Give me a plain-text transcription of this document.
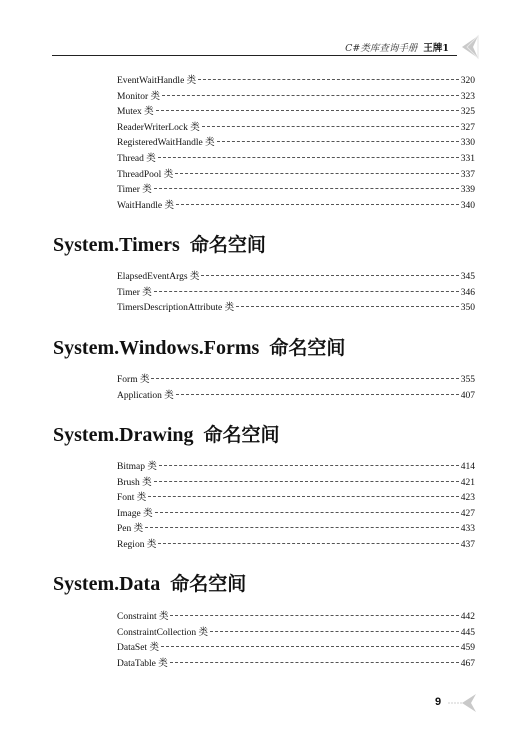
C#类库查询手册 王牌1
EventWaitHandle 类	320
Monitor 类	323
Mutex 类	325
ReaderWriterLock 类	327
RegisteredWaitHandle 类	330
Thread 类	331
ThreadPool 类	337
Timer 类	339
WaitHandle 类	340
System.Timers 命名空间
ElapsedEventArgs 类	345
Timer 类	346
TimersDescriptionAttribute 类	350
System.Windows.Forms 命名空间
Form 类	355
Application 类	407
System.Drawing 命名空间
Bitmap 类	414
Brush 类	421
Font 类	423
Image 类	427
Pen 类	433
Region 类	437
System.Data 命名空间
Constraint 类	442
ConstraintCollection 类	445
DataSet 类	459
DataTable 类	467
9
